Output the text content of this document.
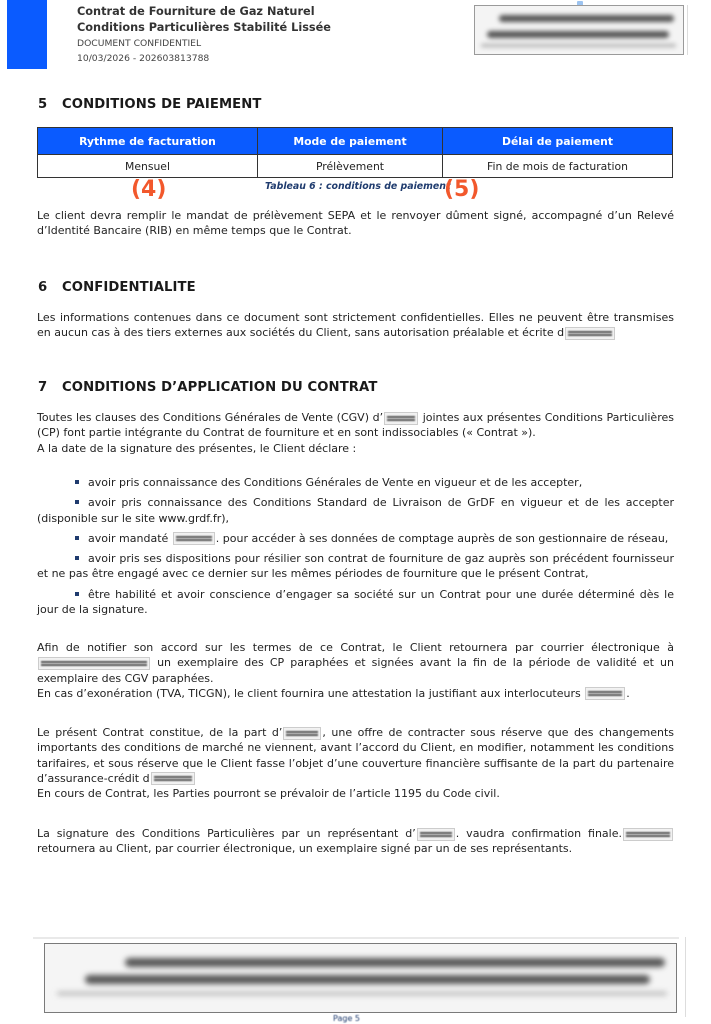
Contrat de Fourniture de Gaz Naturel
Conditions Particulières Stabilité Lissée
DOCUMENT CONFIDENTIEL
10/03/2026 - 202603813788
5 CONDITIONS DE PAIEMENT
Rythme de facturation	Mode de paiement	Délai de paiement
Mensuel	Prélèvement	Fin de mois de facturation
Tableau 6 : conditions de paiement
(4)	(5)
Le client devra remplir le mandat de prélèvement SEPA et le renvoyer dûment signé, accompagné d’un Relevé d’Identité Bancaire (RIB) en même temps que le Contrat.
6 CONFIDENTIALITE
Les informations contenues dans ce document sont strictement confidentielles. Elles ne peuvent être transmises en aucun cas à des tiers externes aux sociétés du Client, sans autorisation préalable et écrite d
7 CONDITIONS D’APPLICATION DU CONTRAT
Toutes les clauses des Conditions Générales de Vente (CGV) d’	jointes aux présentes Conditions Particulières (CP) font partie intégrante du Contrat de fourniture et en sont indissociables (« Contrat »).
A la date de la signature des présentes, le Client déclare :
avoir pris connaissance des Conditions Générales de Vente en vigueur et de les accepter,
avoir pris connaissance des Conditions Standard de Livraison de GrDF en vigueur et de les accepter (disponible sur le site www.grdf.fr),
avoir mandaté	. pour accéder à ses données de comptage auprès de son gestionnaire de réseau,
avoir pris ses dispositions pour résilier son contrat de fourniture de gaz auprès son précédent fournisseur et ne pas être engagé avec ce dernier sur les mêmes périodes de fourniture que le présent Contrat,
être habilité et avoir conscience d’engager sa société sur un Contrat pour une durée déterminé dès le jour de la signature.
Afin de notifier son accord sur les termes de ce Contrat, le Client retournera par courrier électronique à  un exemplaire des CP paraphées et signées avant la fin de la période de validité et un exemplaire des CGV paraphées.
En cas d’exonération (TVA, TICGN), le client fournira une attestation la justifiant aux interlocuteurs	.
Le présent Contrat constitue, de la part d’	, une offre de contracter sous réserve que des changements importants des conditions de marché ne viennent, avant l’accord du Client, en modifier, notamment les conditions tarifaires, et sous réserve que le Client fasse l’objet d’une couverture financière suffisante de la part du partenaire d’assurance-crédit d
En cours de Contrat, les Parties pourront se prévaloir de l’article 1195 du Code civil.
La signature des Conditions Particulières par un représentant d’	. vaudra confirmation finale. retournera au Client, par courrier électronique, un exemplaire signé par un de ses représentants.
Page 5
